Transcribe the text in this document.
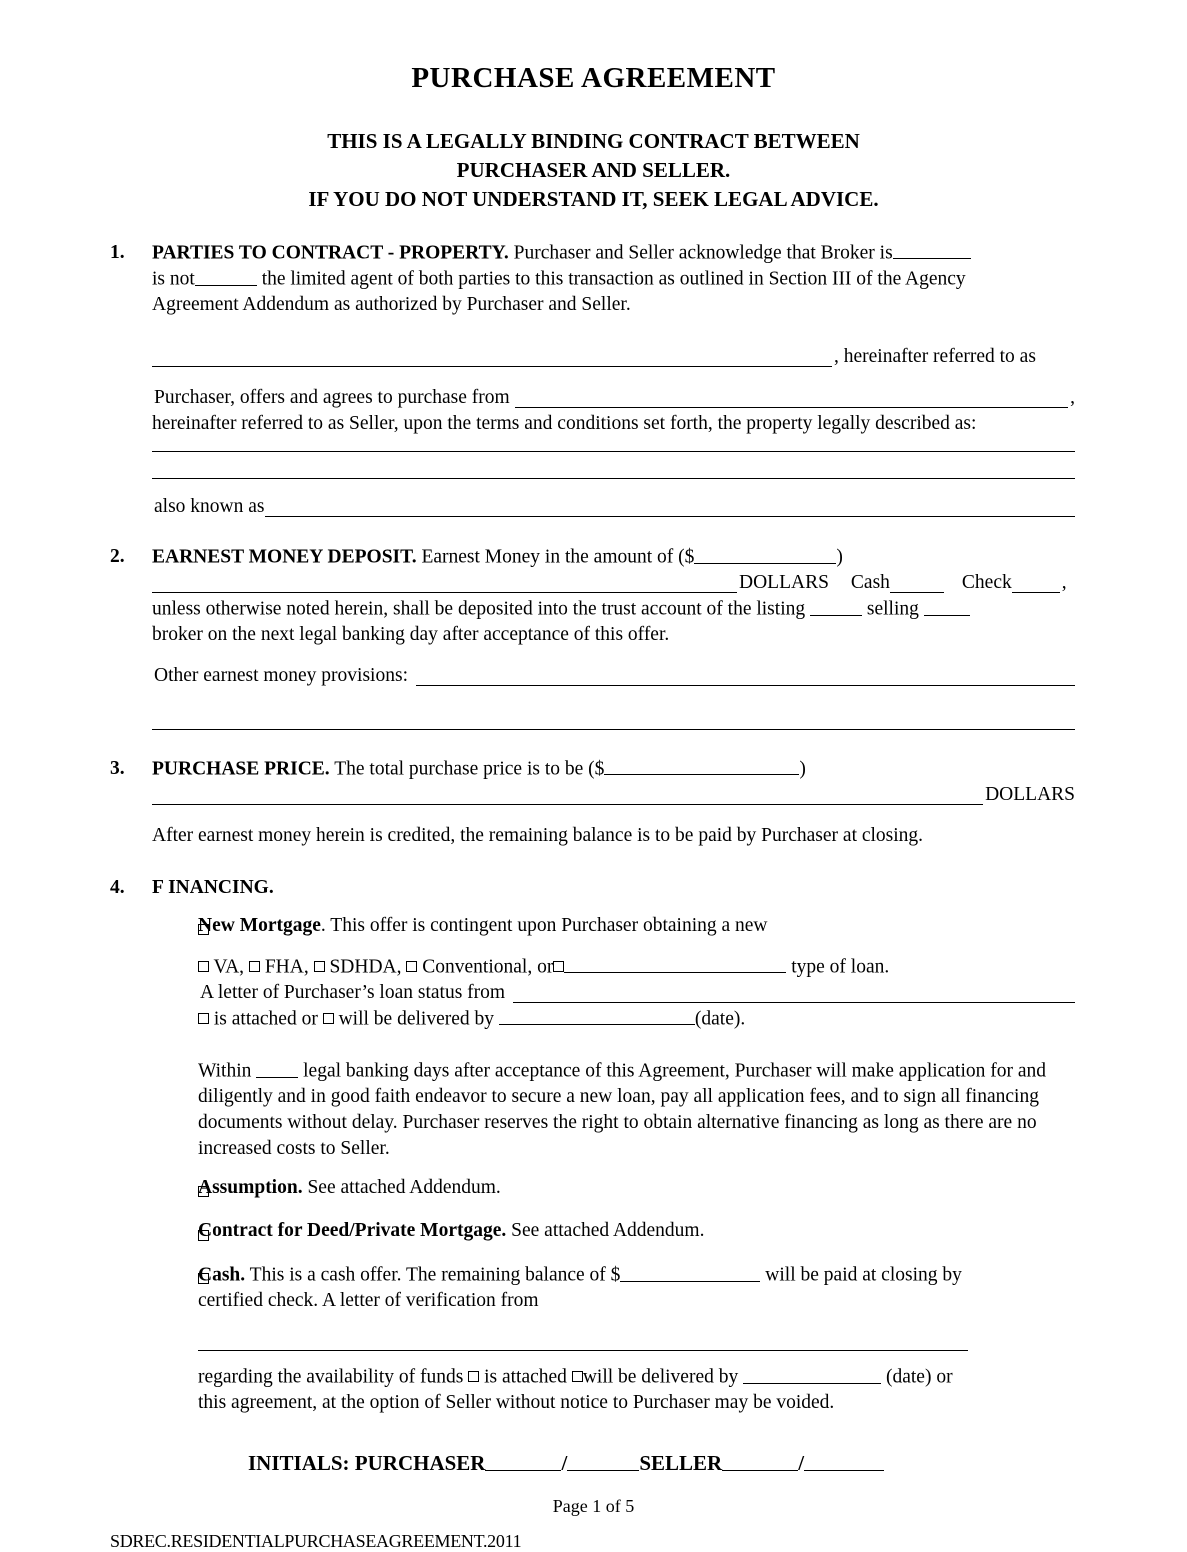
PURCHASE AGREEMENT
THIS IS A LEGALLY BINDING CONTRACT BETWEEN
PURCHASER AND SELLER.
IF YOU DO NOT UNDERSTAND IT, SEEK LEGAL ADVICE.
1.	PARTIES TO CONTRACT - PROPERTY. Purchaser and Seller acknowledge that Broker is

is not	the limited agent of both parties to this transaction as outlined in Section III of the Agency

Agreement Addendum as authorized by Purchaser and Seller.

, hereinafter referred to as

Purchaser, offers and agrees to purchase from	,

hereinafter referred to as Seller, upon the terms and conditions set forth, the property legally described as:

also known as

2.	EARNEST MONEY DEPOSIT. Earnest Money in the amount of ($	)

DOLLARS	Cash	Check	,

unless otherwise noted herein, shall be deposited into the trust account of the listing	selling

broker on the next legal banking day after acceptance of this offer.

Other earnest money provisions:

3.	PURCHASE PRICE. The total purchase price is to be ($	)

DOLLARS

After earnest money herein is credited, the remaining balance is to be paid by Purchaser at closing.

4.	F INANCING.

New Mortgage. This offer is contingent upon Purchaser obtaining a new

VA,  FHA,  SDHDA,  Conventional, or	type of loan.

A letter of Purchaser’s loan status from

is attached or  will be delivered by	(date).

Within  legal banking days after acceptance of this Agreement, Purchaser will make application for and diligently and in good faith endeavor to secure a new loan, pay all application fees, and to sign all financing documents without delay. Purchaser reserves the right to obtain alternative financing as long as there are no increased costs to Seller.

Assumption. See attached Addendum.

Contract for Deed/Private Mortgage. See attached Addendum.

Cash. This is a cash offer. The remaining balance of $	will be paid at closing by

certified check. A letter of verification from

regarding the availability of funds  is attached will be delivered by	(date) or

this agreement, at the option of Seller without notice to Purchaser may be voided.

INITIALS: PURCHASER	/	SELLER	/
Page 1 of 5
SDREC.RESIDENTIALPURCHASEAGREEMENT.2011
